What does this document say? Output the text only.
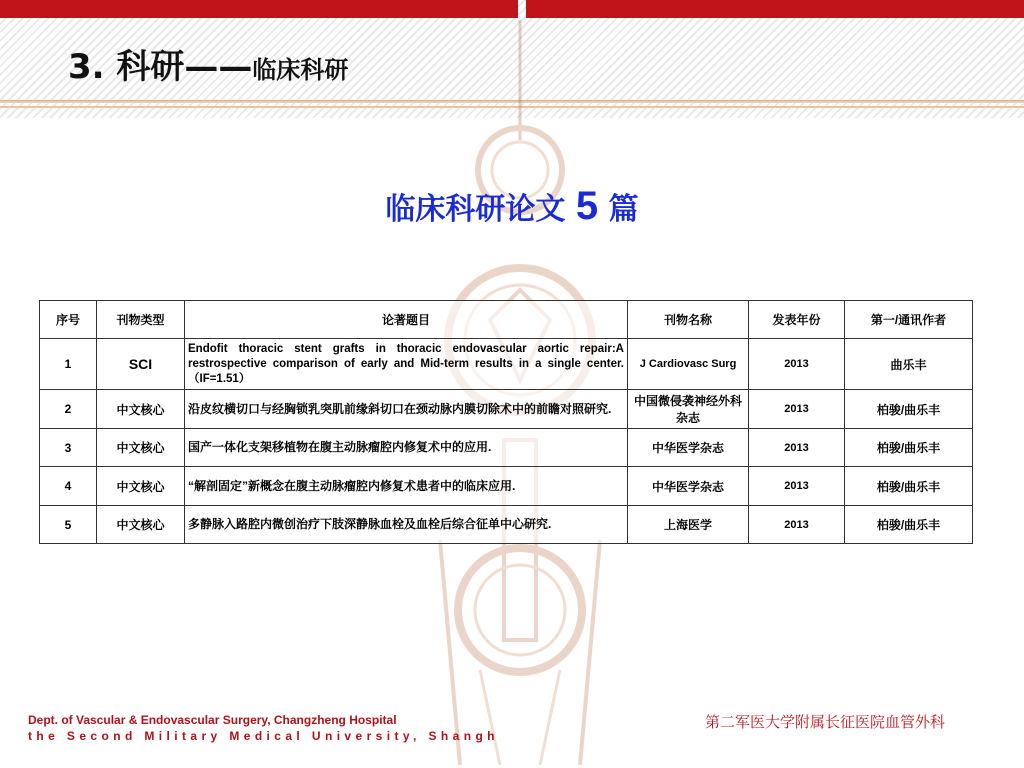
3. 科研——临床科研
临床科研论文 5 篇
序号	刊物类型	论著题目	刊物名称	发表年份	第一/通讯作者
1	SCI	Endofit thoracic stent grafts in thoracic endovascular aortic repair:A restrospective comparison of early and Mid-term results in a single center.（IF=1.51）	J Cardiovasc Surg	2013	曲乐丰
2	中文核心	沿皮纹横切口与经胸锁乳突肌前缘斜切口在颈动脉内膜切除术中的前瞻对照研究.	中国微侵袭神经外科杂志	2013	柏骏/曲乐丰
3	中文核心	国产一体化支架移植物在腹主动脉瘤腔内修复术中的应用.	中华医学杂志	2013	柏骏/曲乐丰
4	中文核心	“解剖固定”新概念在腹主动脉瘤腔内修复术患者中的临床应用.	中华医学杂志	2013	柏骏/曲乐丰
5	中文核心	多静脉入路腔内微创治疗下肢深静脉血栓及血栓后综合征单中心研究.	上海医学	2013	柏骏/曲乐丰
Dept. of Vascular & Endovascular Surgery, Changzheng Hospital
the Second Military Medical University, Shangh
第二军医大学附属长征医院血管外科
